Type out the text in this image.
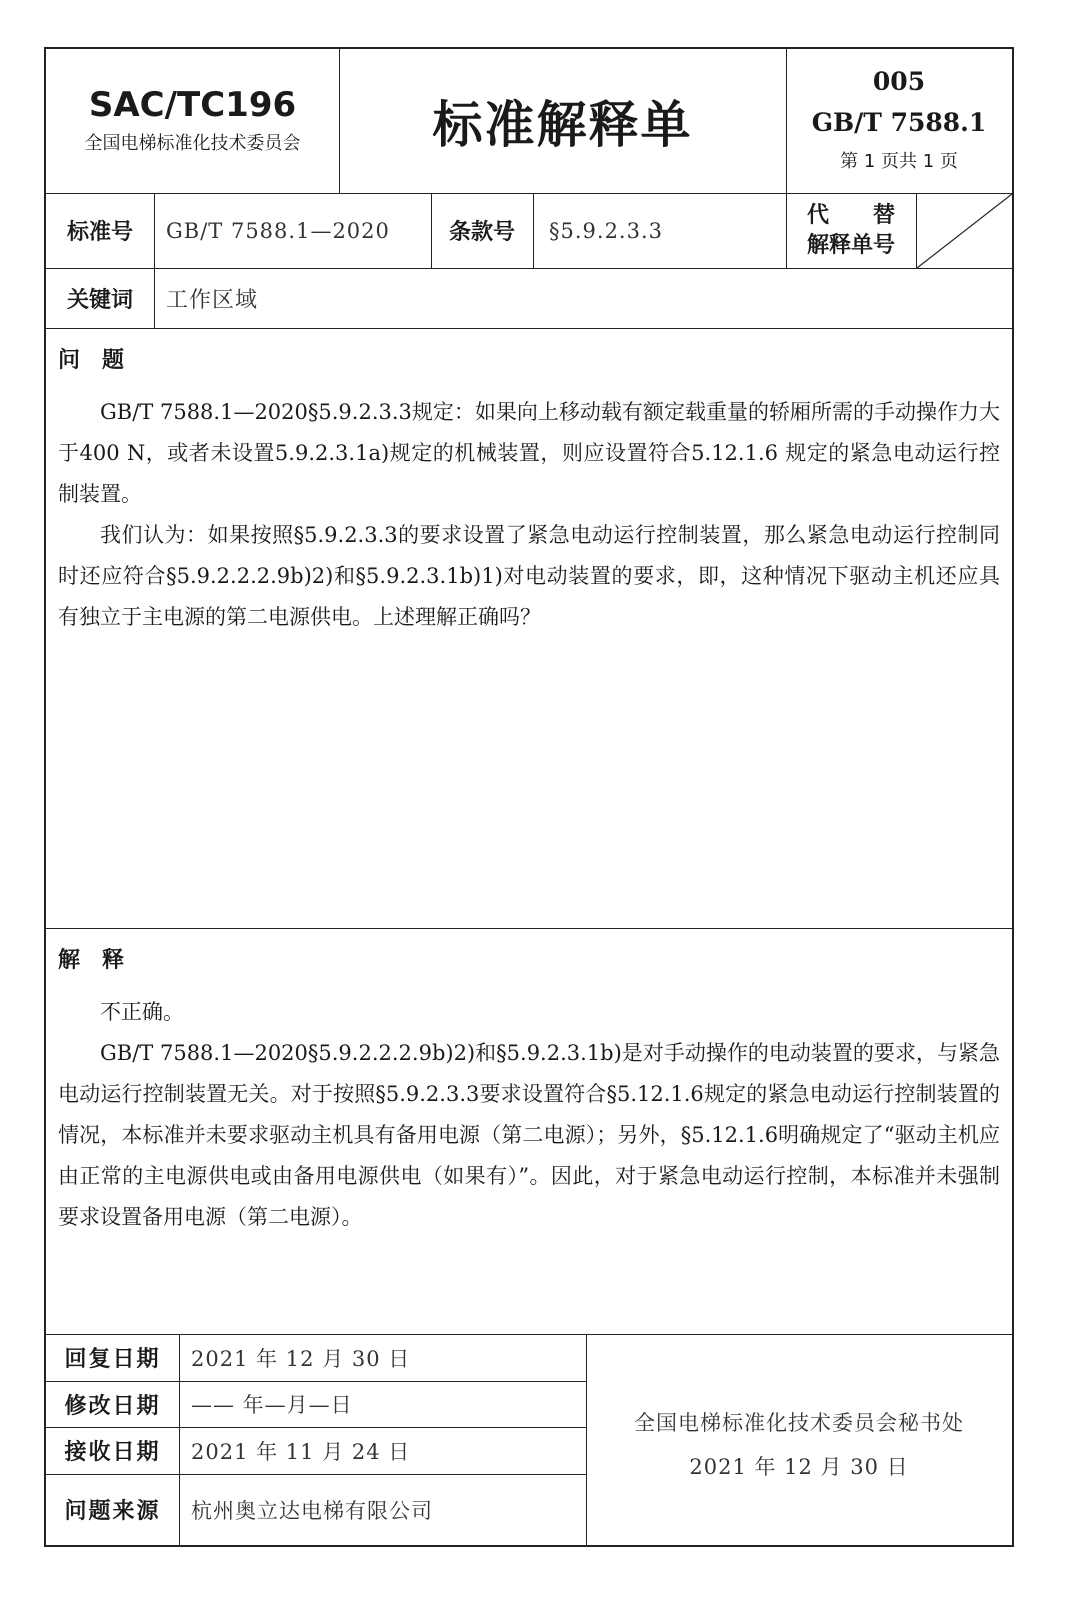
SAC/TC196
全国电梯标准化技术委员会	标准解释单
005
GB/T 7588.1
第 1 页共 1 页
标准号 GB/T 7588.1—2020	条款号 §5.9.2.3.3
代　　替
解释单号
关键词 工作区域
问　题

GB/T 7588.1—2020§5.9.2.3.3规定：如果向上移动载有额定载重量的轿厢所需的手动操作力大于400 N，或者未设置5.9.2.3.1a)规定的机械装置，则应设置符合5.12.1.6 规定的紧急电动运行控制装置。

我们认为：如果按照§5.9.2.3.3的要求设置了紧急电动运行控制装置，那么紧急电动运行控制同时还应符合§5.9.2.2.2.9b)2)和§5.9.2.3.1b)1)对电动装置的要求，即，这种情况下驱动主机还应具有独立于主电源的第二电源供电。上述理解正确吗？

解　释

不正确。

GB/T 7588.1—2020§5.9.2.2.2.9b)2)和§5.9.2.3.1b)是对手动操作的电动装置的要求，与紧急电动运行控制装置无关。对于按照§5.9.2.3.3要求设置符合§5.12.1.6规定的紧急电动运行控制装置的情况，本标准并未要求驱动主机具有备用电源（第二电源）；另外，§5.12.1.6明确规定了“驱动主机应由正常的主电源供电或由备用电源供电（如果有）”。因此，对于紧急电动运行控制，本标准并未强制要求设置备用电源（第二电源）。

回复日期 2021 年 12 月 30 日
修改日期 —— 年—月—日
接收日期 2021 年 11 月 24 日
问题来源 杭州奥立达电梯有限公司
全国电梯标准化技术委员会秘书处
2021 年 12 月 30 日
